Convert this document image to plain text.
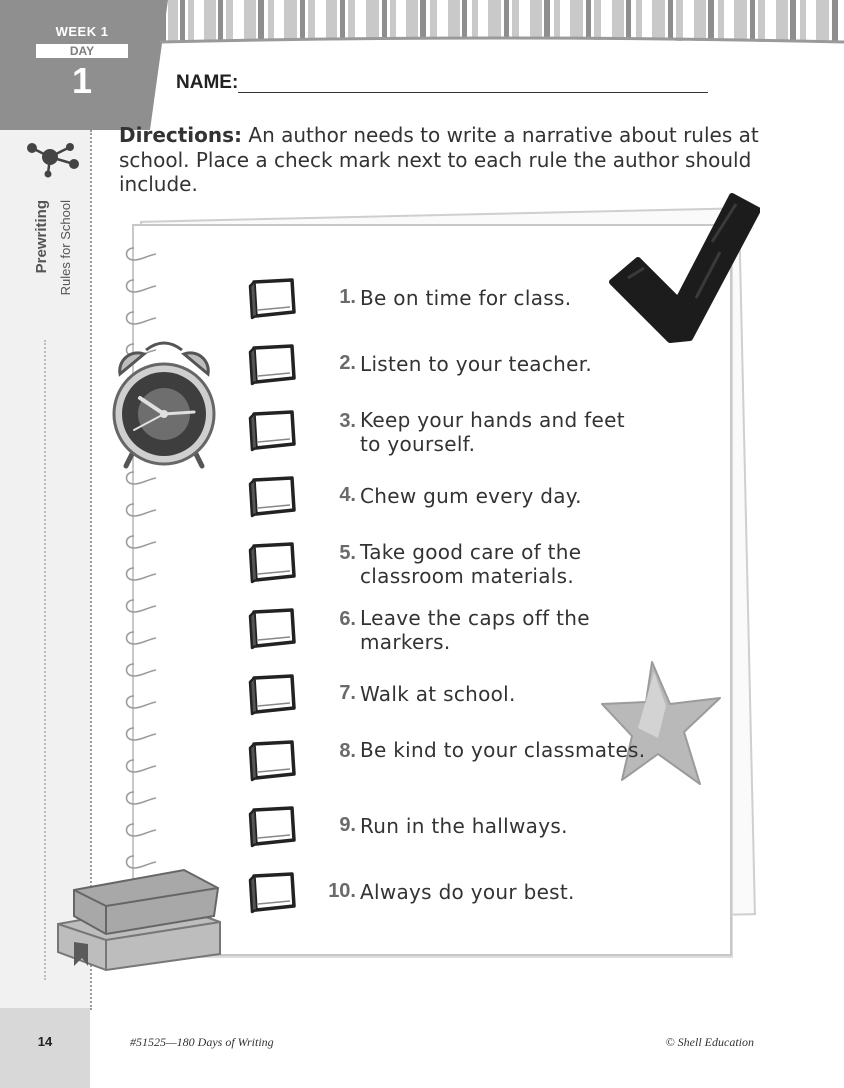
WEEK 1
DAY
1
Prewriting Rules for School
NAME:
Directions: An author needs to write a narrative about rules at school. Place a check mark next to each rule the author should include.
1. Be on time for class.
2. Listen to your teacher.
3. Keep your hands and feet to yourself.
4. Chew gum every day.
5. Take good care of the classroom materials.
6. Leave the caps off the markers.
7. Walk at school.
8. Be kind to your classmates.
9. Run in the hallways.
10. Always do your best.
14	#51525—180 Days of Writing	© Shell Education
